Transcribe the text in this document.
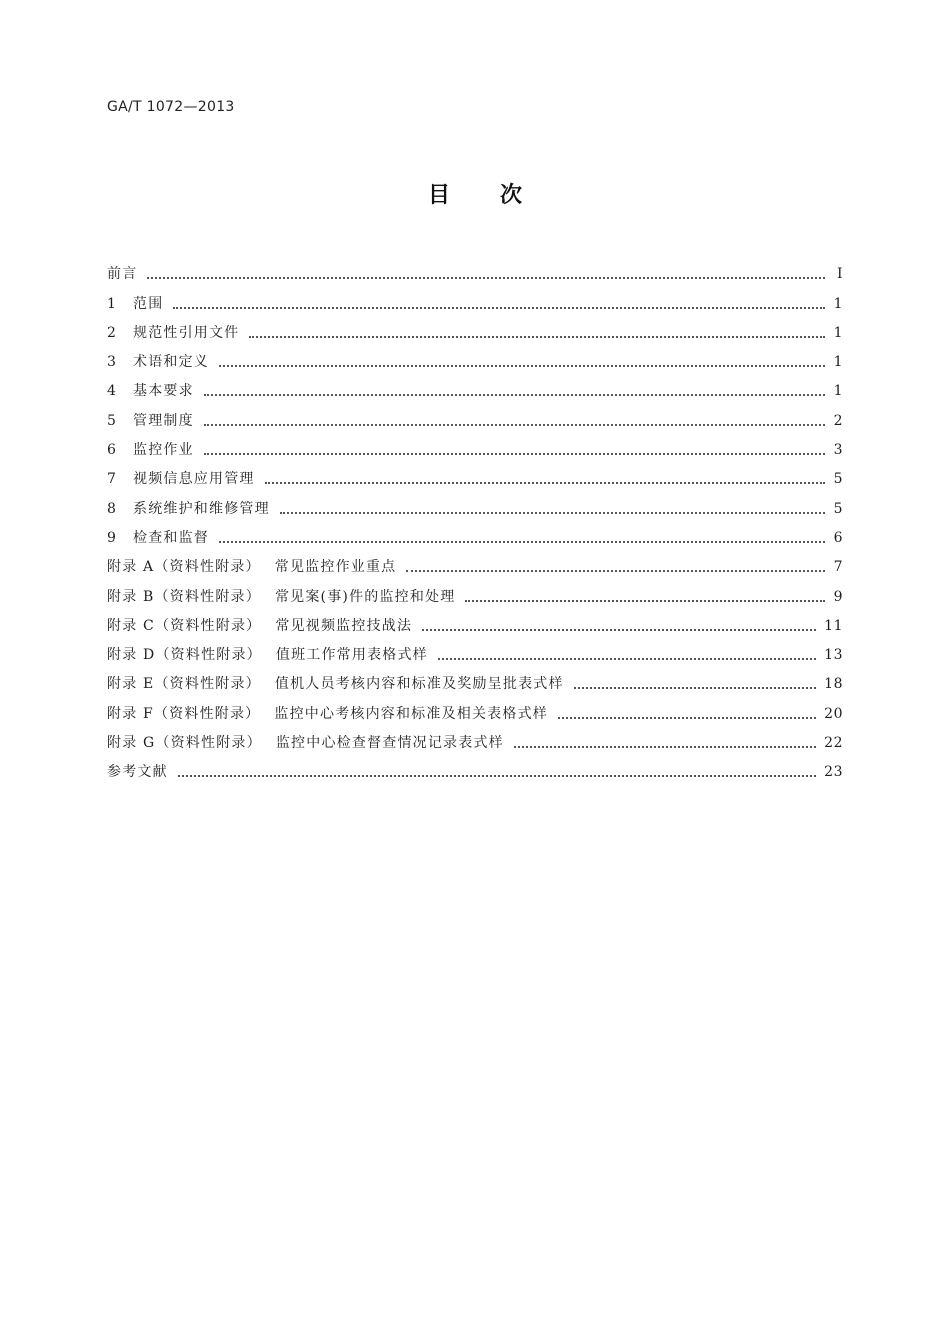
GA/T 1072—2013
目 次
前言	Ⅰ
1	范围	1
2	规范性引用文件	1
3	术语和定义	1
4	基本要求	1
5	管理制度	2
6	监控作业	3
7	视频信息应用管理	5
8	系统维护和维修管理	5
9	检查和监督	6
附录 A（资料性附录） 常见监控作业重点	7
附录 B（资料性附录） 常见案(事)件的监控和处理	9
附录 C（资料性附录） 常见视频监控技战法	11
附录 D（资料性附录） 值班工作常用表格式样	13
附录 E（资料性附录） 值机人员考核内容和标准及奖励呈批表式样	18
附录 F（资料性附录） 监控中心考核内容和标准及相关表格式样	20
附录 G（资料性附录） 监控中心检查督查情况记录表式样	22
参考文献	23
